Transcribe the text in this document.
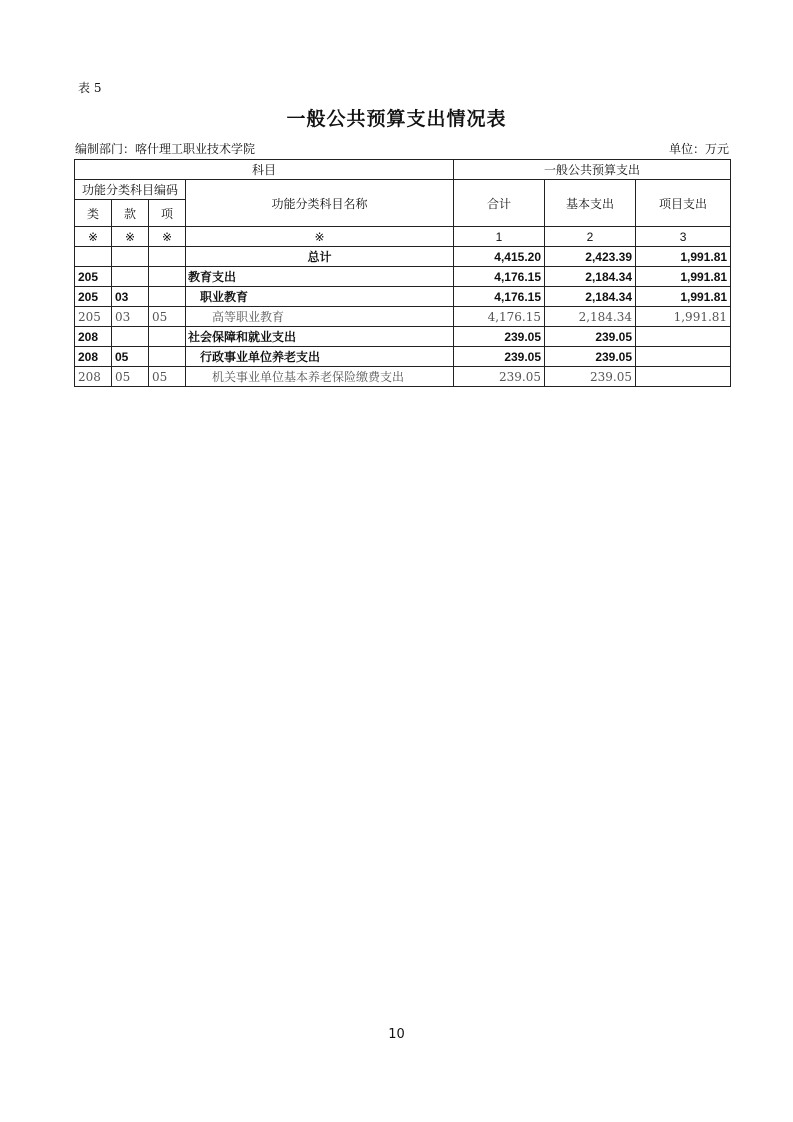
表 5
一般公共预算支出情况表
编制部门：喀什理工职业技术学院	单位：万元
科目				一般公共预算支出		
功能分类科目编码			功能分类科目名称	合计	基本支出	项目支出
类	款	项				
※	※	※	※	1	2	3
			总计	4,415.20	2,423.39	1,991.81
205			教育支出	4,176.15	2,184.34	1,991.81
205	03		职业教育	4,176.15	2,184.34	1,991.81
205	03	05	高等职业教育	4,176.15	2,184.34	1,991.81
208			社会保障和就业支出	239.05	239.05	
208	05		行政事业单位养老支出	239.05	239.05	
208	05	05	机关事业单位基本养老保险缴费支出	239.05	239.05	
10
